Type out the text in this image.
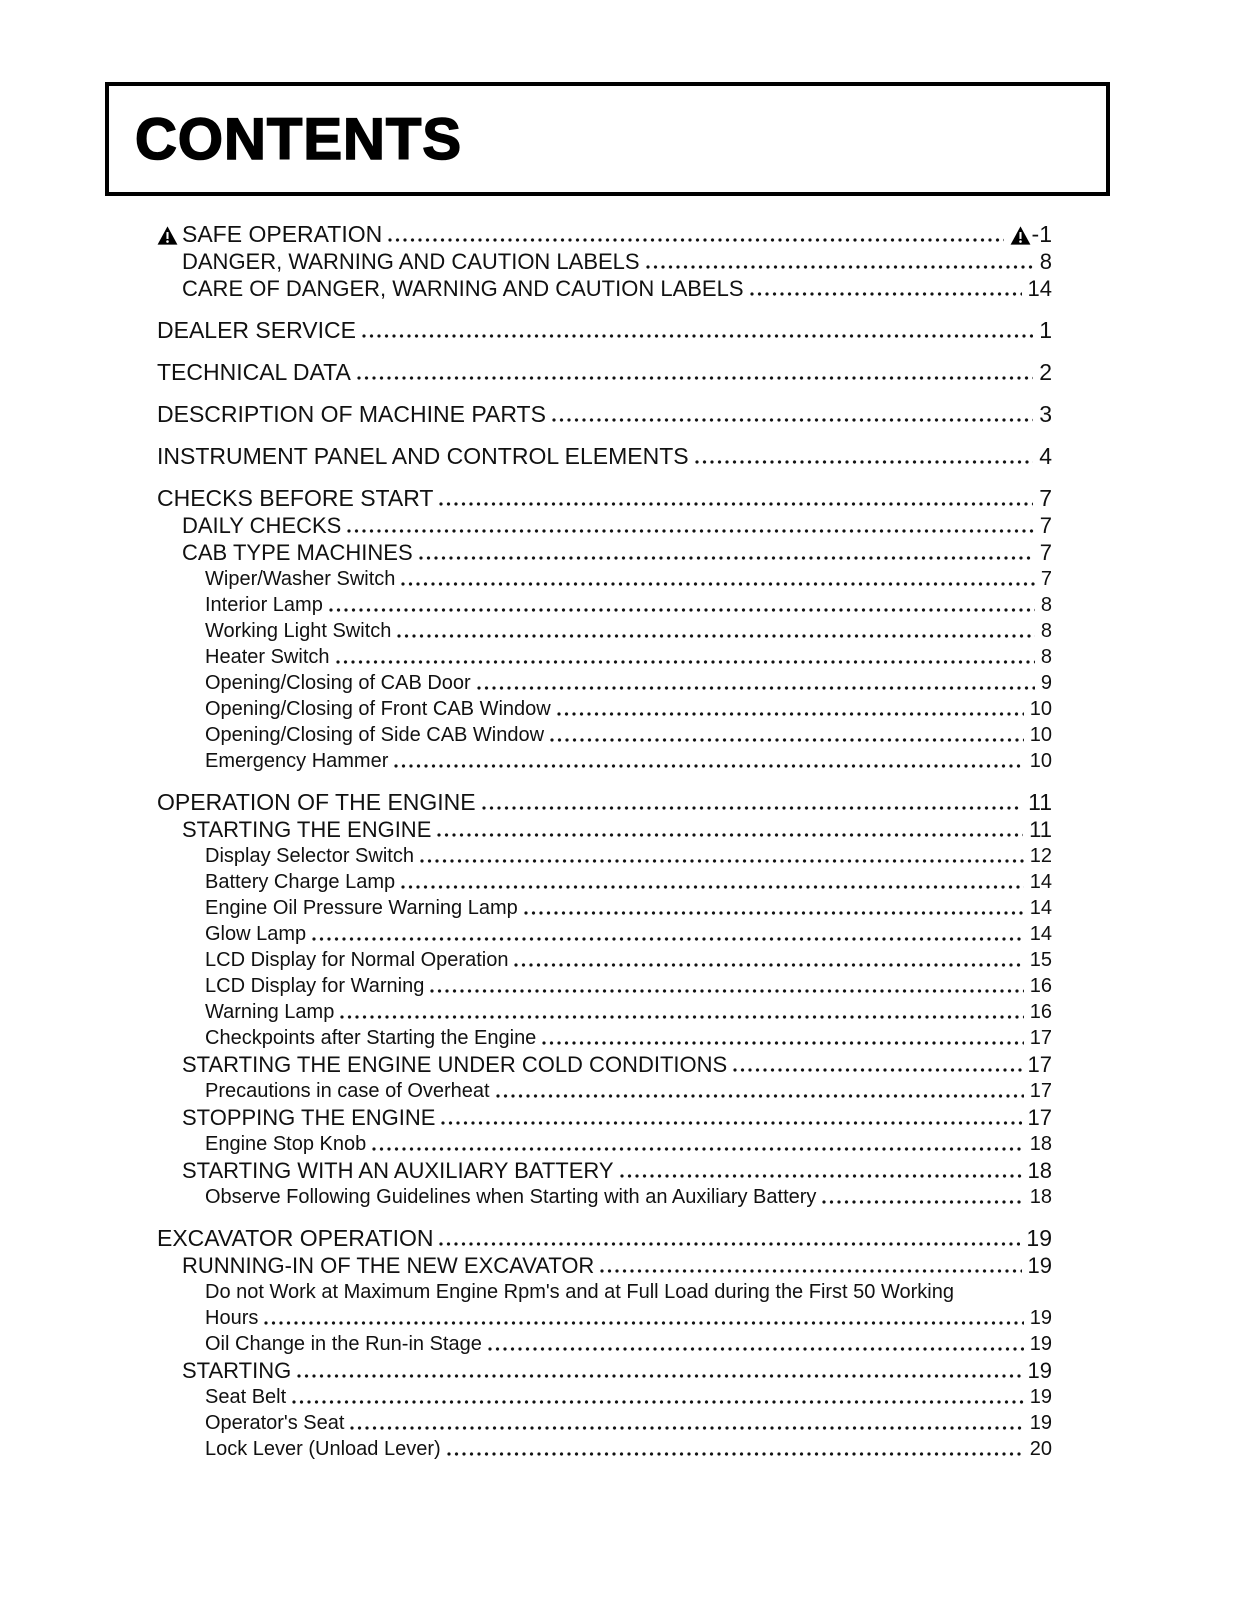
CONTENTS
SAFE OPERATION	-1
DANGER, WARNING AND CAUTION LABELS	8
CARE OF DANGER, WARNING AND CAUTION LABELS	14
DEALER SERVICE	1
TECHNICAL DATA	2
DESCRIPTION OF MACHINE PARTS	3
INSTRUMENT PANEL AND CONTROL ELEMENTS	4
CHECKS BEFORE START	7
DAILY CHECKS	7
CAB TYPE MACHINES	7
Wiper/Washer Switch	7
Interior Lamp	8
Working Light Switch	8
Heater Switch	8
Opening/Closing of CAB Door	9
Opening/Closing of Front CAB Window	10
Opening/Closing of Side CAB Window	10
Emergency Hammer	10
OPERATION OF THE ENGINE	11
STARTING THE ENGINE	11
Display Selector Switch	12
Battery Charge Lamp	14
Engine Oil Pressure Warning Lamp	14
Glow Lamp	14
LCD Display for Normal Operation	15
LCD Display for Warning	16
Warning Lamp	16
Checkpoints after Starting the Engine	17
STARTING THE ENGINE UNDER COLD CONDITIONS	17
Precautions in case of Overheat	17
STOPPING THE ENGINE	17
Engine Stop Knob	18
STARTING WITH AN AUXILIARY BATTERY	18
Observe Following Guidelines when Starting with an Auxiliary Battery	18
EXCAVATOR OPERATION	19
RUNNING-IN OF THE NEW EXCAVATOR	19
Do not Work at Maximum Engine Rpm's and at Full Load during the First 50 Working
Hours	19
Oil Change in the Run-in Stage	19
STARTING	19
Seat Belt	19
Operator's Seat	19
Lock Lever (Unload Lever)	20
